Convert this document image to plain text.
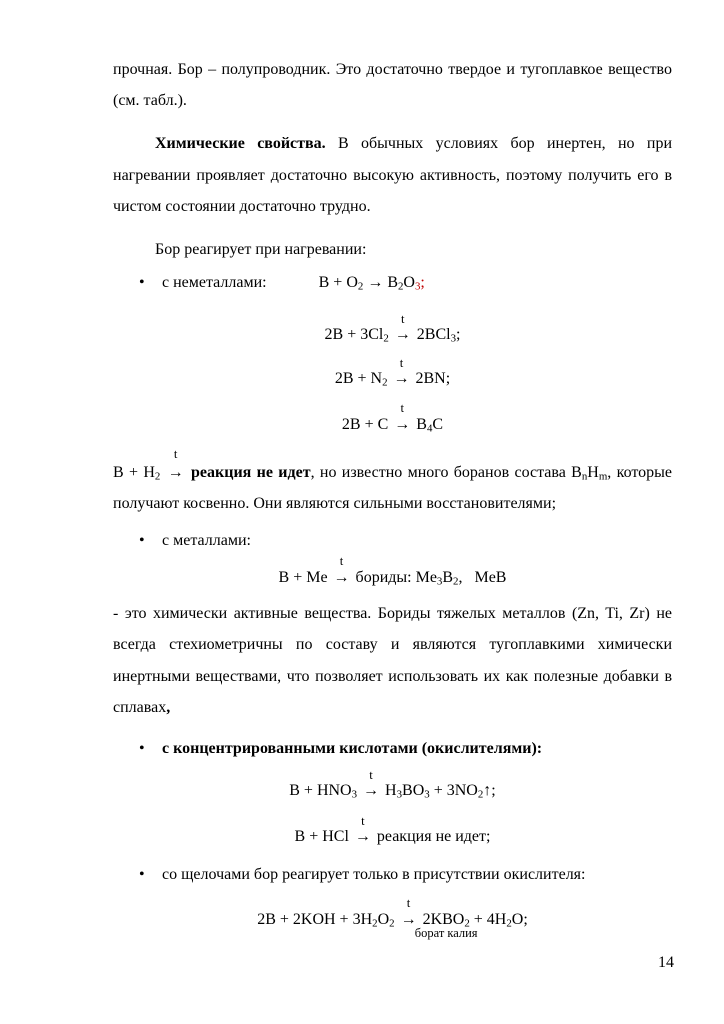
прочная. Бор – полупроводник. Это достаточно твердое и тугоплавкое вещество (см. табл.).

Химические свойства. В обычных условиях бор инертен, но при нагревании проявляет достаточно высокую активность, поэтому получить его в чистом состоянии достаточно трудно.

Бор реагирует при нагревании:

•	с неметаллами:	$B + O_2 \to B_2O_3$;
$2B + 3Cl_2$
t
→ 2BCl$_3$;
$2B + N_2$
t
→ 2BN;
2B + C
t
→ $B_4C$

$B + H_2$
t
→ реакция не идет, но известно много боранов состава $B_nH_m$, которые получают косвенно. Они являются сильными восстановителями;

•	с металлами:
B + Me
t
→ бориды: $Me_3B_2$,   MeB

- это химически активные вещества. Бориды тяжелых металлов (Zn, Ti, Zr) не всегда стехиометричны по составу и являются тугоплавкими химически инертными веществами, что позволяет использовать их как полезные добавки в сплавах,

•	с концентрированными кислотами (окислителями):
$B + HNO_3$
t
→ $H_3BO_3$ + $3NO_2↑$;
B + HCl
t
→ реакция не идет;
•	со щелочами бор реагирует только в присутствии окислителя:
$2B + 2KOH + 3H_2O_2$
t
→ $2KBO_2$
борат калия
+ $4H_2O$;
14
